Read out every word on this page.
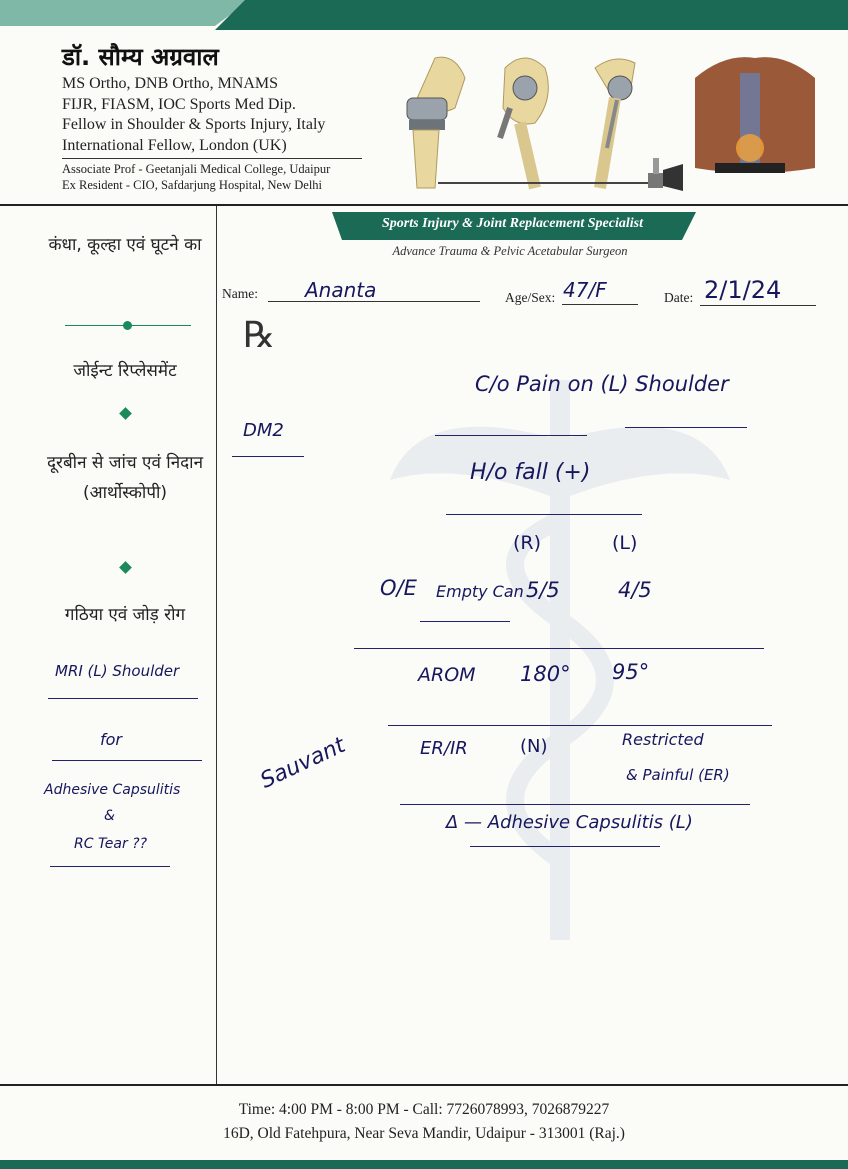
डॉ. सौम्य अग्रवाल
MS Ortho, DNB Ortho, MNAMS
FIJR, FIASM, IOC Sports Med Dip.
Fellow in Shoulder & Sports Injury, Italy
International Fellow, London (UK)
Associate Prof - Geetanjali Medical College, Udaipur
Ex Resident - CIO, Safdarjung Hospital, New Delhi
कंधा, कूल्हा एवं घूटने का
जोईन्ट रिप्लेसमेंट
दूरबीन से जांच एवं निदान (आर्थोस्कोपी)
गठिया एवं जोड़ रोग
MRI (L) Shoulder
for
Adhesive Capsulitis
&
RC Tear ??
Sports Injury & Joint Replacement Specialist
Advance Trauma & Pelvic Acetabular Surgeon
Name: Ananta	Age/Sex: 47/F	Date: 2/1/24
℞
C/o Pain on (L) Shoulder
DM2
H/o fall (+)
(R)	(L)
O/E Empty Can 5/5	4/5
AROM 180° 95°
ER/IR	(N)	Restricted
& Painful (ER)
Δ — Adhesive Capsulitis (L)
Sauvant
Time: 4:00 PM - 8:00 PM - Call: 7726078993, 7026879227
16D, Old Fatehpura, Near Seva Mandir, Udaipur - 313001 (Raj.)
